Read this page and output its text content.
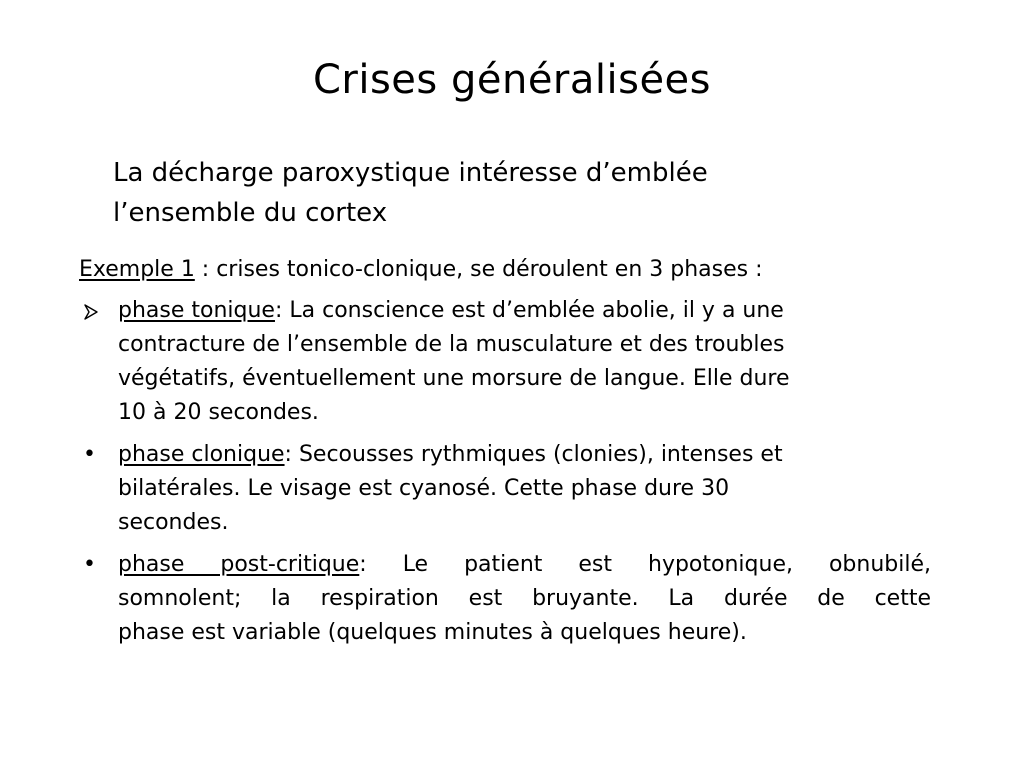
Crises généralisées
La décharge paroxystique intéresse d’emblée
l’ensemble du cortex
Exemple 1 : crises tonico-clonique, se déroulent en 3 phases :
phase tonique: La conscience est d’emblée abolie, il y a une
contracture de l’ensemble de la musculature et des troubles
végétatifs, éventuellement une morsure de langue. Elle dure
10 à 20 secondes.
•	phase clonique: Secousses rythmiques (clonies), intenses et
bilatérales. Le visage est cyanosé. Cette phase dure 30
secondes.
•	phase post-critique: Le patient est hypotonique, obnubilé,
somnolent; la respiration est bruyante. La durée de cette
phase est variable (quelques minutes à quelques heure).
